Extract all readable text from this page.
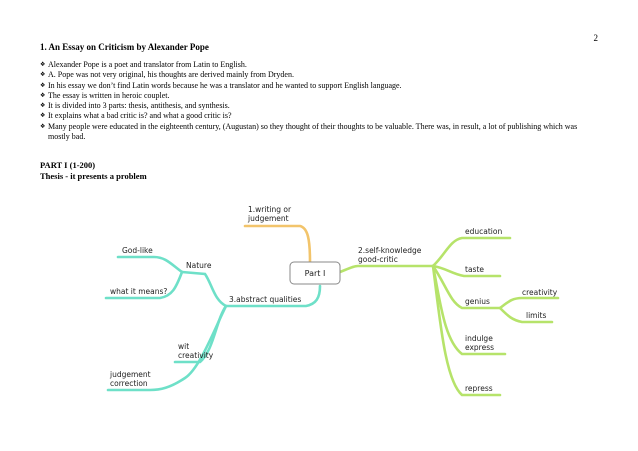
2
1. An Essay on Criticism by Alexander Pope
❖ Alexander Pope is a poet and translator from Latin to English.
❖ A. Pope was not very original, his thoughts are derived mainly from Dryden.
❖ In his essay we don’t find Latin words because he was a translator and he wanted to support English language.
❖ The essay is written in heroic couplet.
❖ It is divided into 3 parts: thesis, antithesis, and synthesis.
❖ It explains what a bad critic is? and what a good critic is?
❖ Many people were educated in the eighteenth century, (Augustan) so they thought of their thoughts to be valuable. There was, in result, a lot of publishing which was mostly bad.
PART I (1-200)
Thesis - it presents a problem
Part I
1.writing or
judgement
2.self-knowledge
good-critic
education
taste
genius
creativity
limits
indulge
express
repress
3.abstract qualities
Nature
God-like
what it means?
wit
creativity
judgement
correction
